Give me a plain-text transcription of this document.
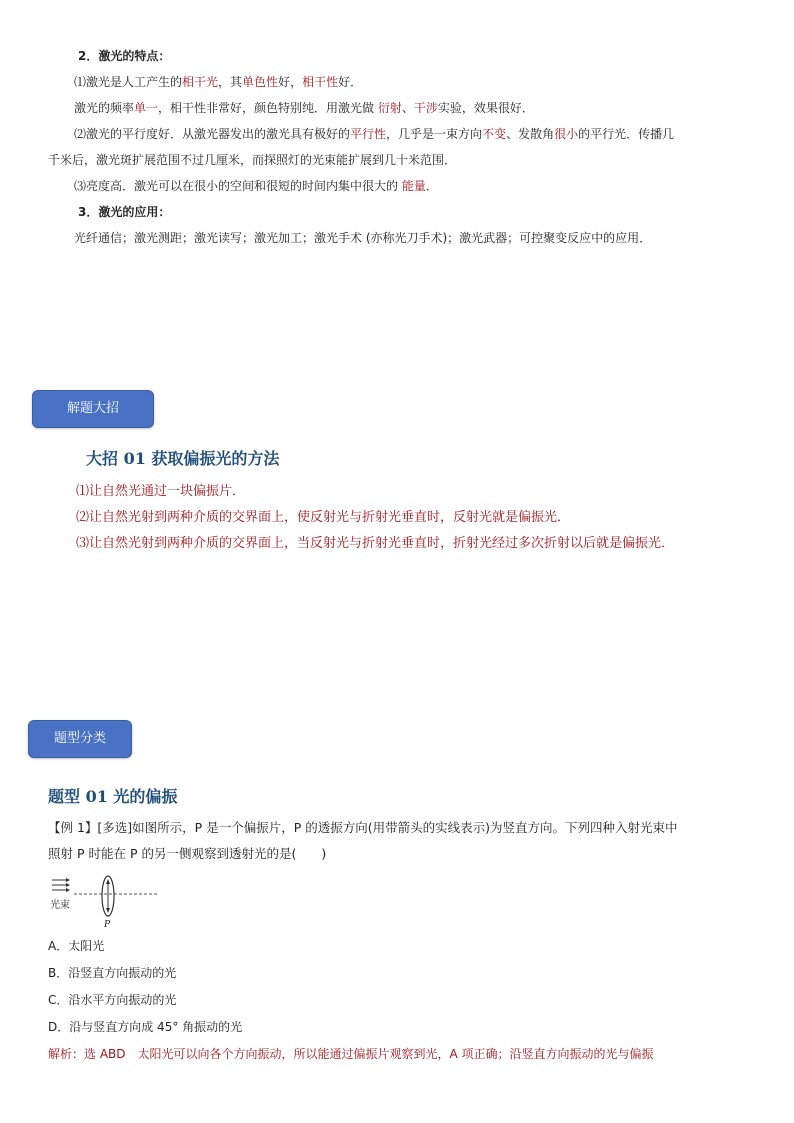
2．激光的特点：
⑴激光是人工产生的相干光，其单色性好，相干性好．
激光的频率单一，相干性非常好，颜色特别纯．用激光做 衍射、干涉实验，效果很好．
⑵激光的平行度好．从激光器发出的激光具有极好的平行性，几乎是一束方向不变、发散角很小的平行光．传播几
千米后，激光斑扩展范围不过几厘米，而探照灯的光束能扩展到几十米范围．
⑶亮度高．激光可以在很小的空间和很短的时间内集中很大的 能量．
3．激光的应用：
光纤通信；激光测距；激光读写；激光加工；激光手术 (亦称光刀手术)；激光武器；可控聚变反应中的应用．
解题大招
大招 01 获取偏振光的方法
⑴让自然光通过一块偏振片．
⑵让自然光射到两种介质的交界面上，使反射光与折射光垂直时，反射光就是偏振光．
⑶让自然光射到两种介质的交界面上，当反射光与折射光垂直时，折射光经过多次折射以后就是偏振光．
题型分类
题型 01 光的偏振
【例 1】[多选]如图所示，P 是一个偏振片，P 的透振方向(用带箭头的实线表示)为竖直方向。下列四种入射光束中
照射 P 时能在 P 的另一侧观察到透射光的是(　　)
光束
P
A．太阳光
B．沿竖直方向振动的光
C．沿水平方向振动的光
D．沿与竖直方向成 45° 角振动的光
解析：选 ABD　太阳光可以向各个方向振动，所以能通过偏振片观察到光，A 项正确；沿竖直方向振动的光与偏振
